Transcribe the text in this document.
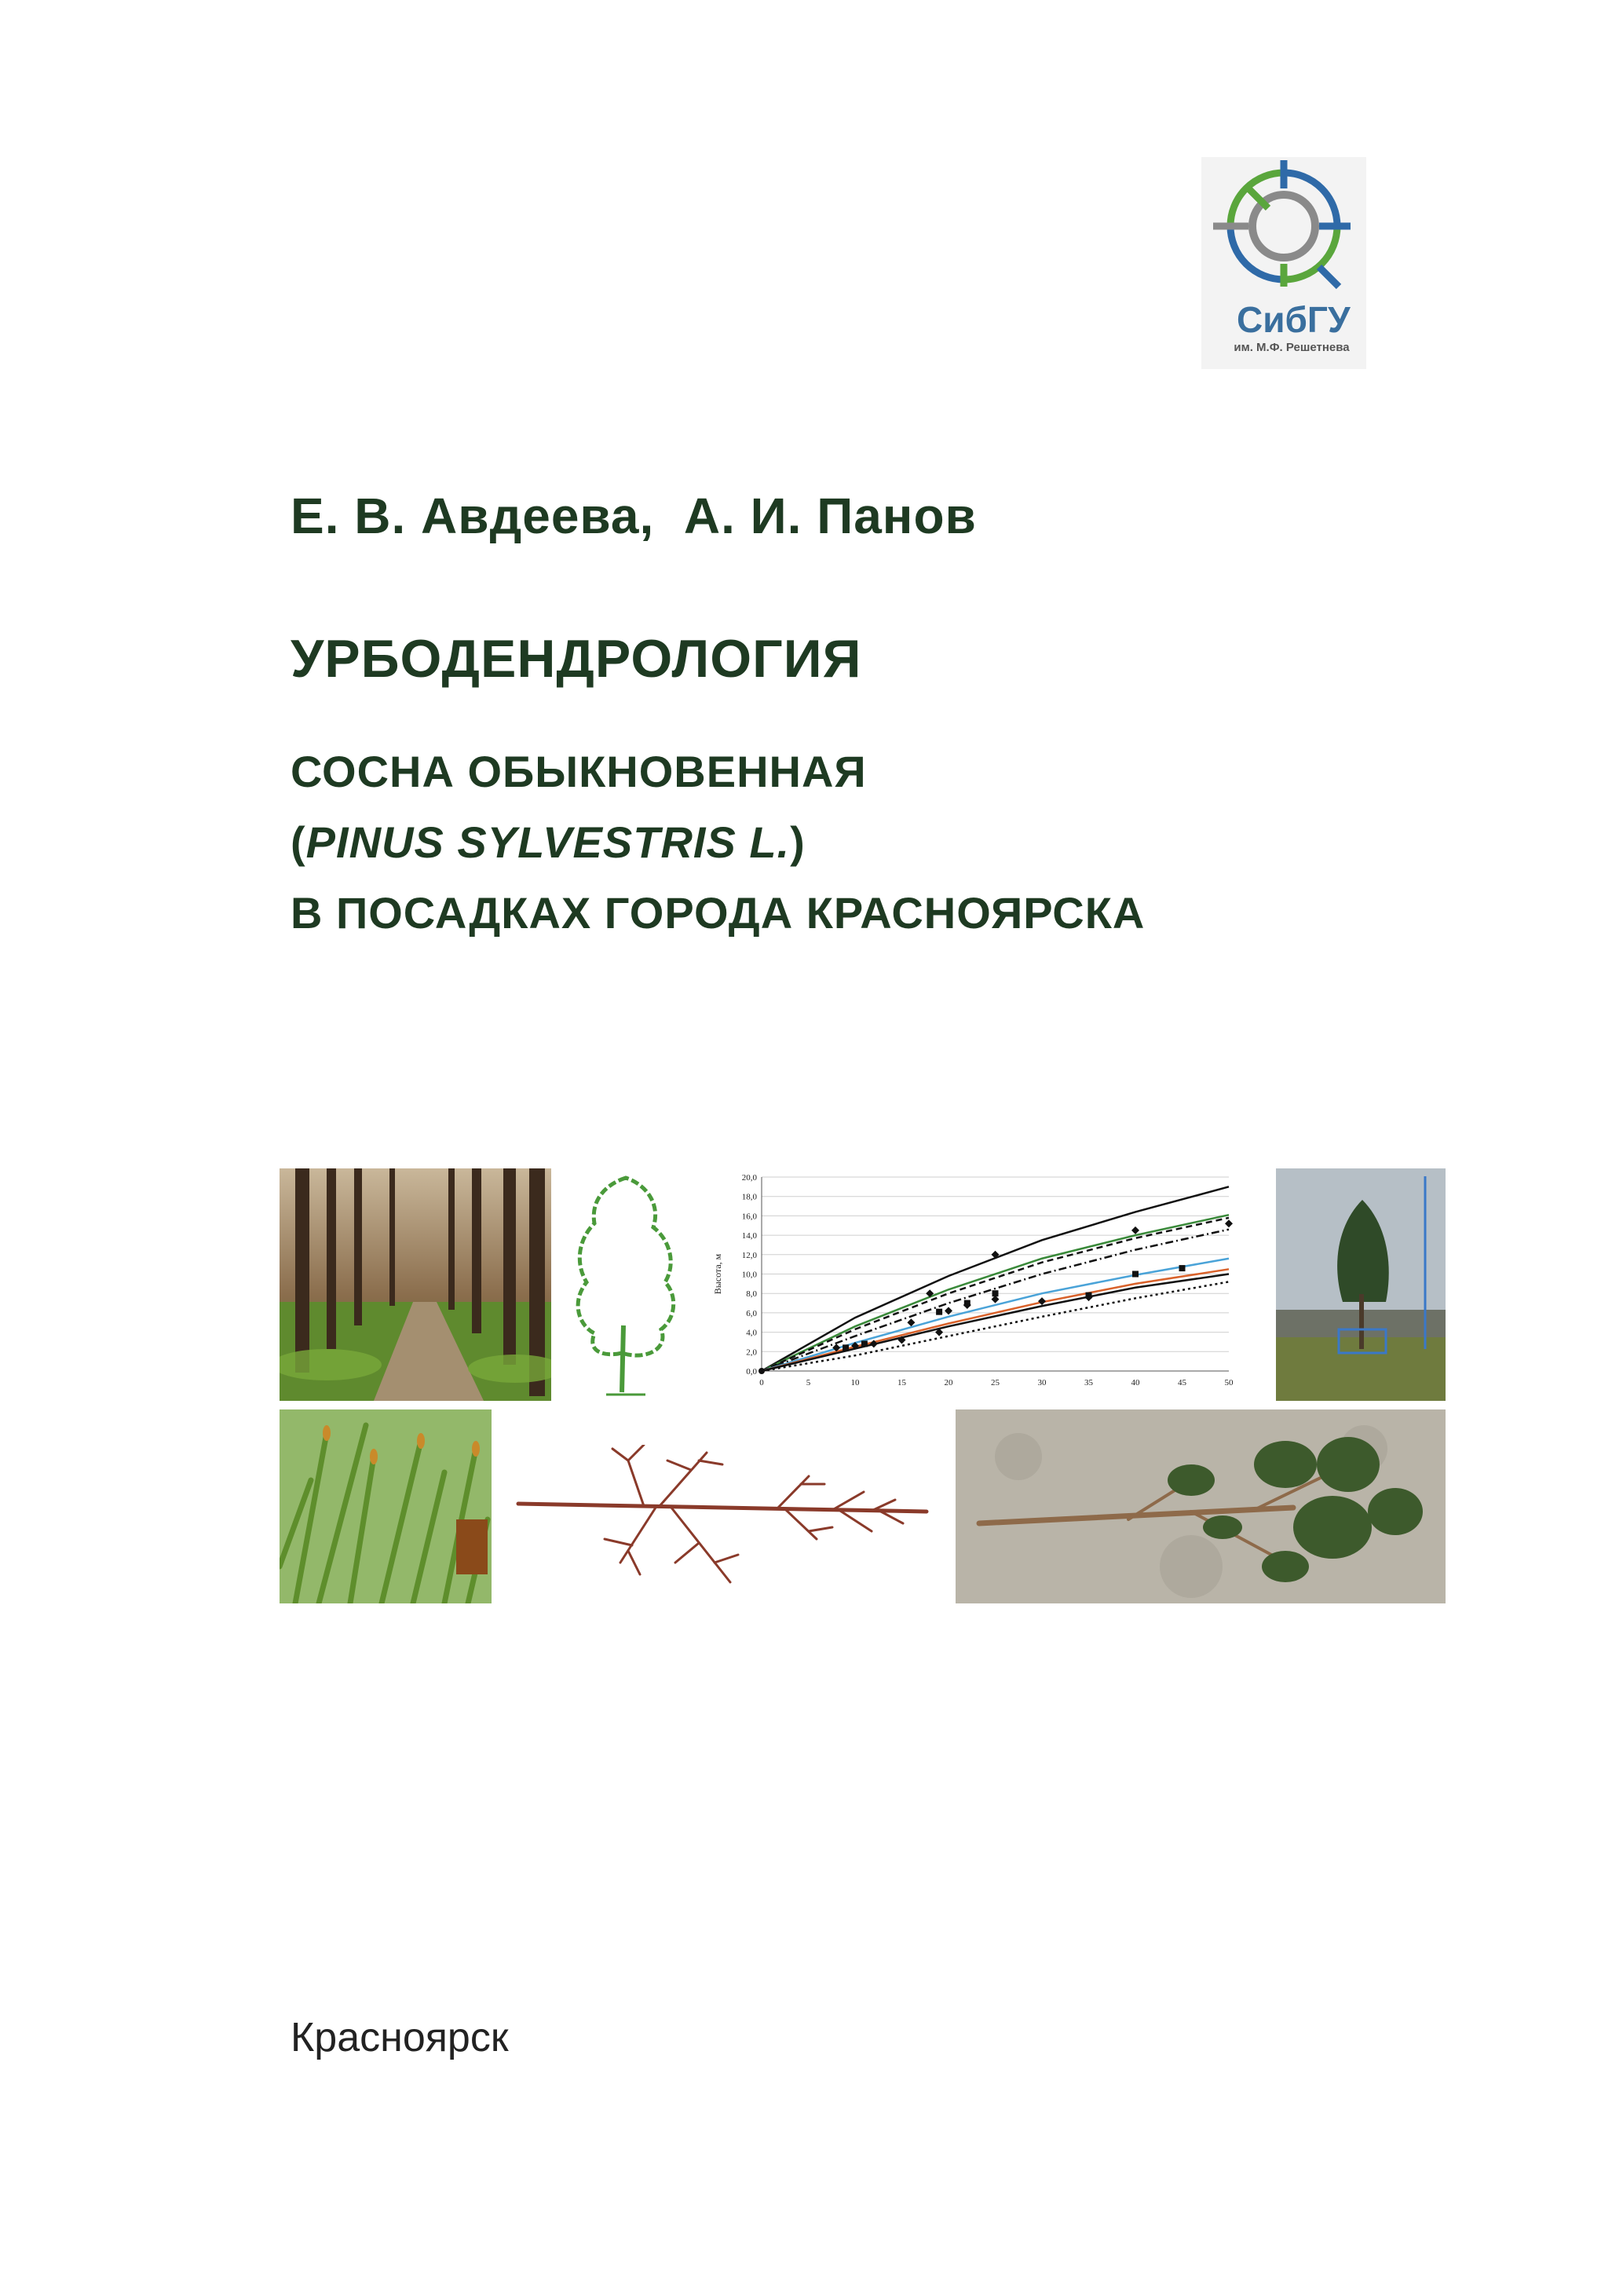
СибГУ
им. М.Ф. Решетнева
Е. В. Авдеева, А. И. Панов
УРБОДЕНДРОЛОГИЯ
СОСНА ОБЫКНОВЕННАЯ
(PINUS SYLVESTRIS L.)
В ПОСАДКАХ ГОРОДА КРАСНОЯРСКА
0,0
2,0
4,0
6,0
8,0
10,0
12,0
14,0
16,0
18,0
20,0
0	5	10	15	20	25	30	35	40	45	50
Высота, м
Красноярск
